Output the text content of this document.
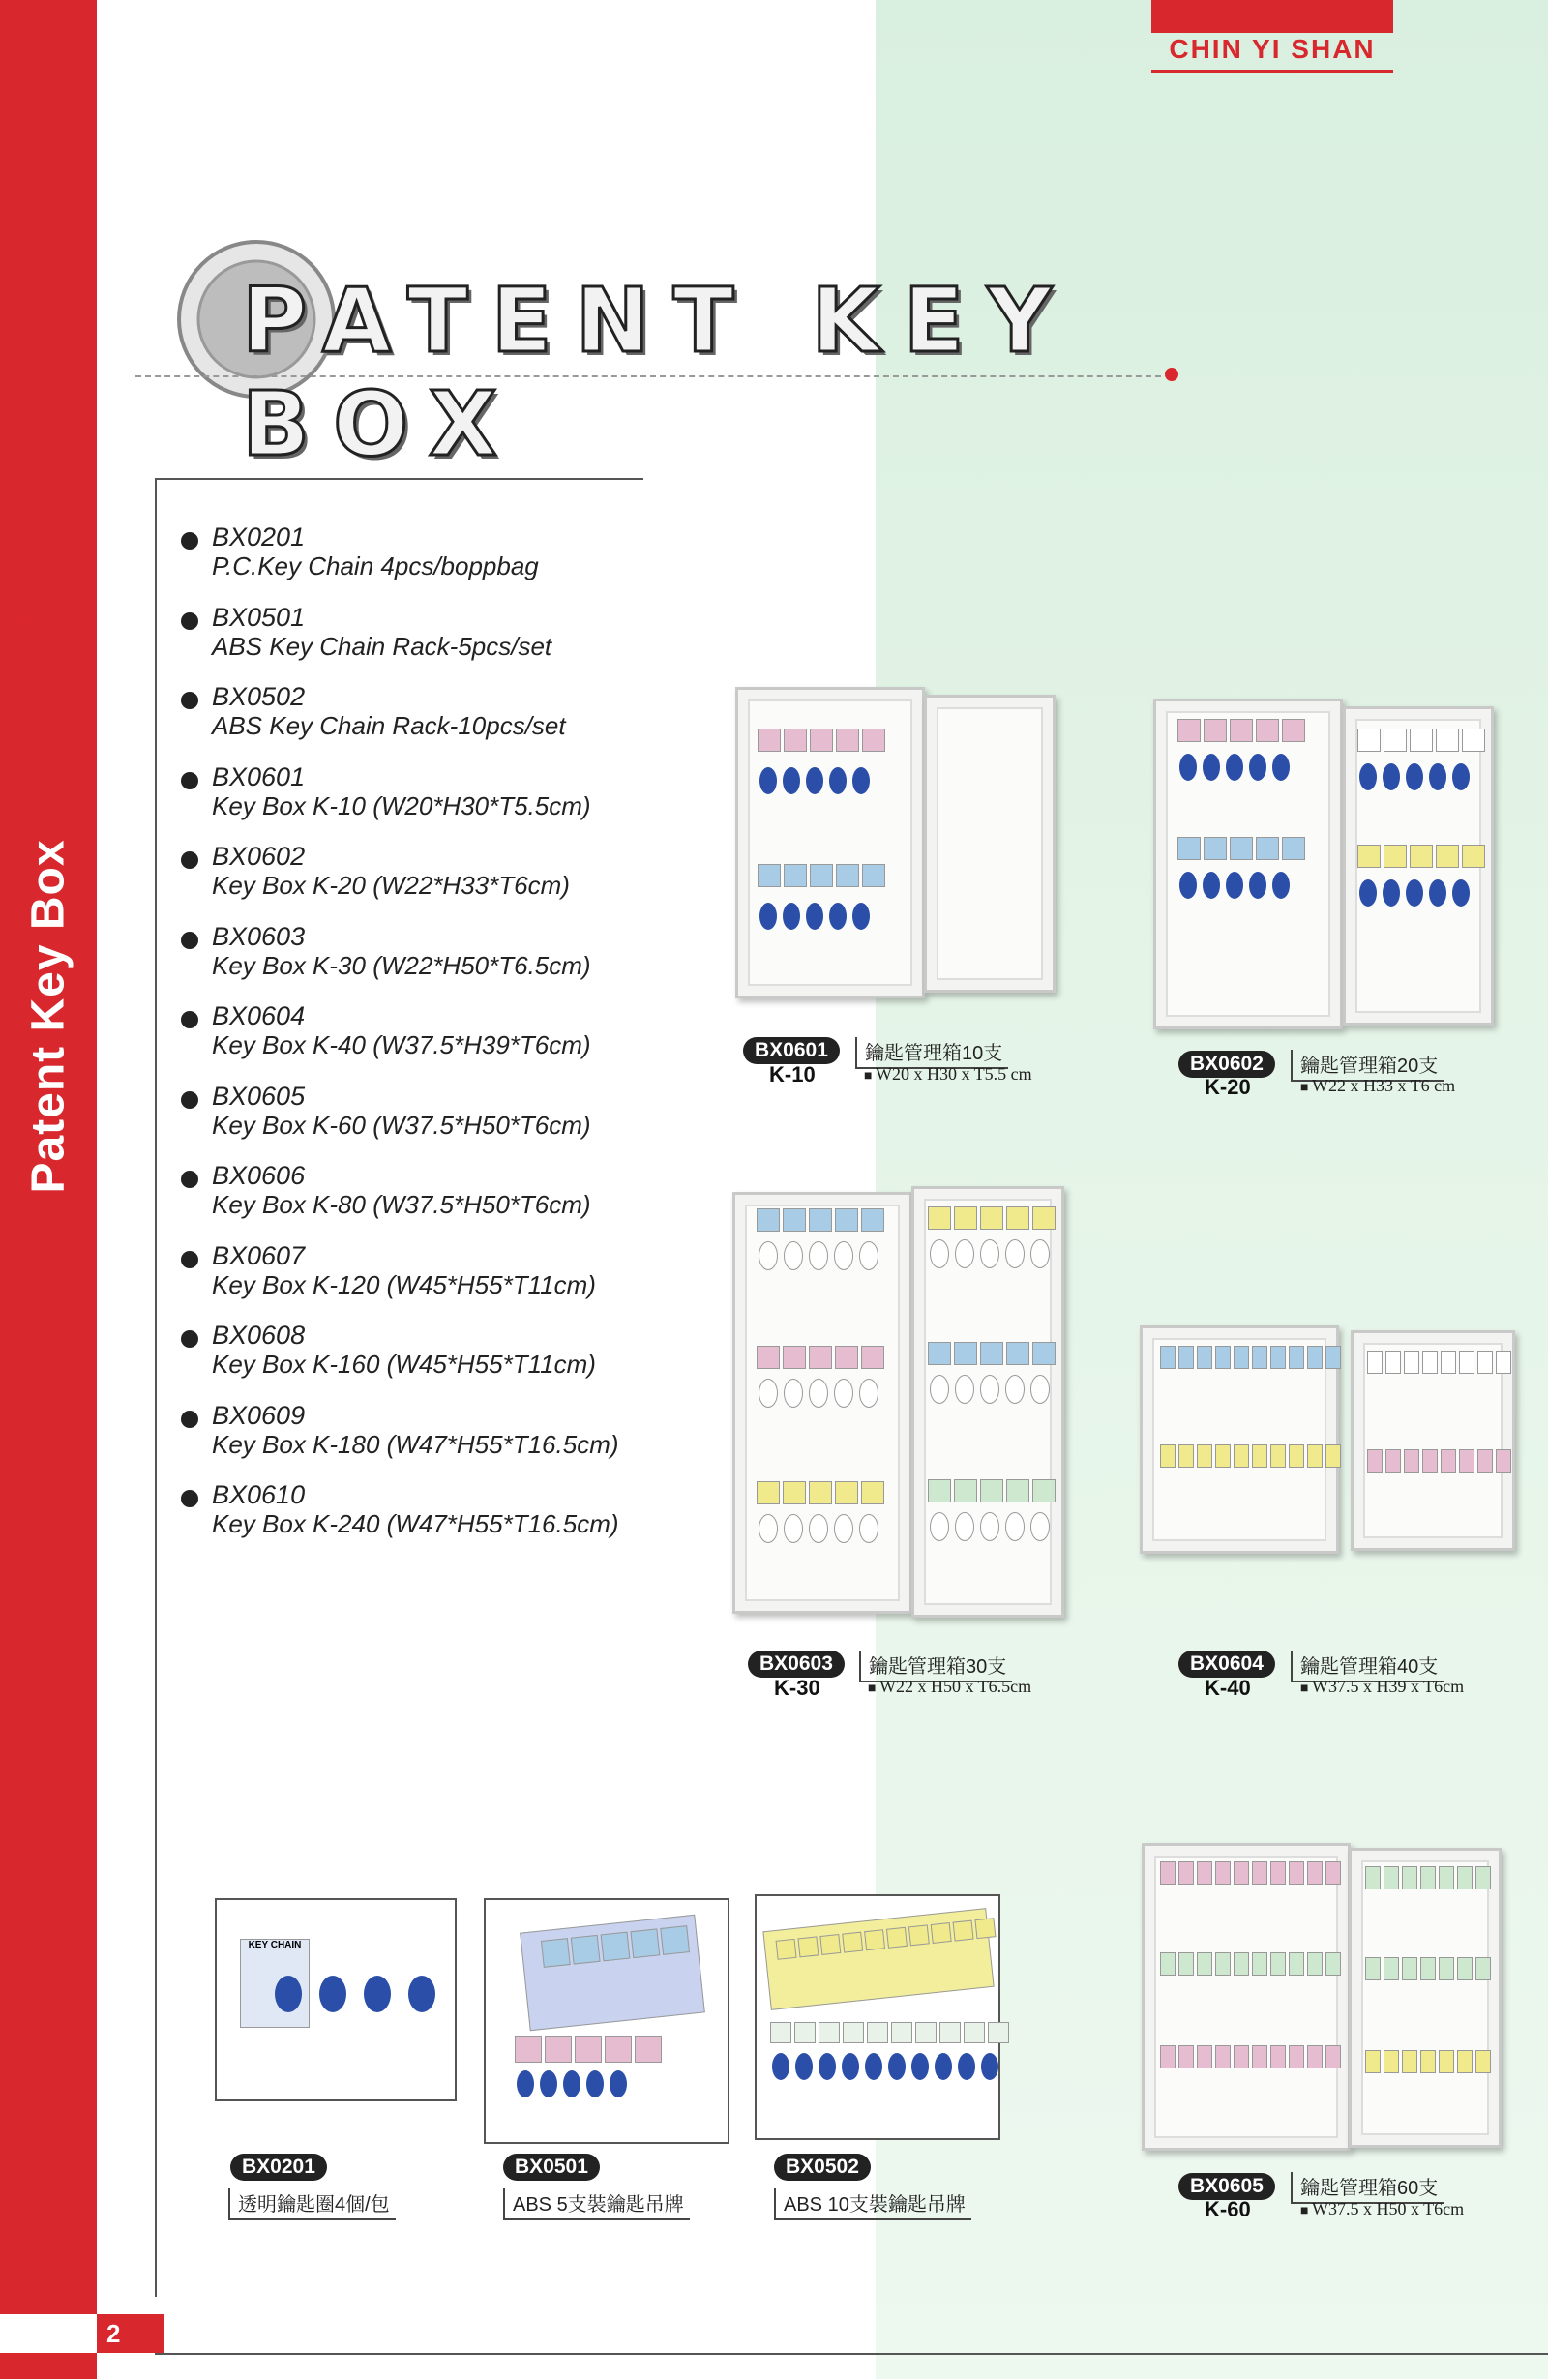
Patent Key Box
CHIN YI SHAN
PATENT KEY BOX
BX0201
P.C.Key Chain 4pcs/boppbag
BX0501
ABS Key Chain Rack-5pcs/set
BX0502
ABS Key Chain Rack-10pcs/set
BX0601
Key Box K-10 (W20*H30*T5.5cm)
BX0602
Key Box K-20 (W22*H33*T6cm)
BX0603
Key Box K-30 (W22*H50*T6.5cm)
BX0604
Key Box K-40 (W37.5*H39*T6cm)
BX0605
Key Box K-60 (W37.5*H50*T6cm)
BX0606
Key Box K-80 (W37.5*H50*T6cm)
BX0607
Key Box K-120 (W45*H55*T11cm)
BX0608
Key Box K-160 (W45*H55*T11cm)
BX0609
Key Box K-180 (W47*H55*T16.5cm)
BX0610
Key Box K-240 (W47*H55*T16.5cm)
BX0601
K-10
鑰匙管理箱10支
■ W20 x H30 x T5.5 cm	BX0602
K-20
鑰匙管理箱20支
■ W22 x H33 x T6 cm
BX0603
K-30
鑰匙管理箱30支
■ W22 x H50 x T6.5cm
BX0604
K-40
鑰匙管理箱40支
■ W37.5 x H39 x T6cm
BX0605
K-60
鑰匙管理箱60支
■ W37.5 x H50 x T6cm
KEY CHAIN
BX0201
透明鑰匙圈4個/包
BX0501
ABS 5支裝鑰匙吊牌
BX0502
ABS 10支裝鑰匙吊牌
2
